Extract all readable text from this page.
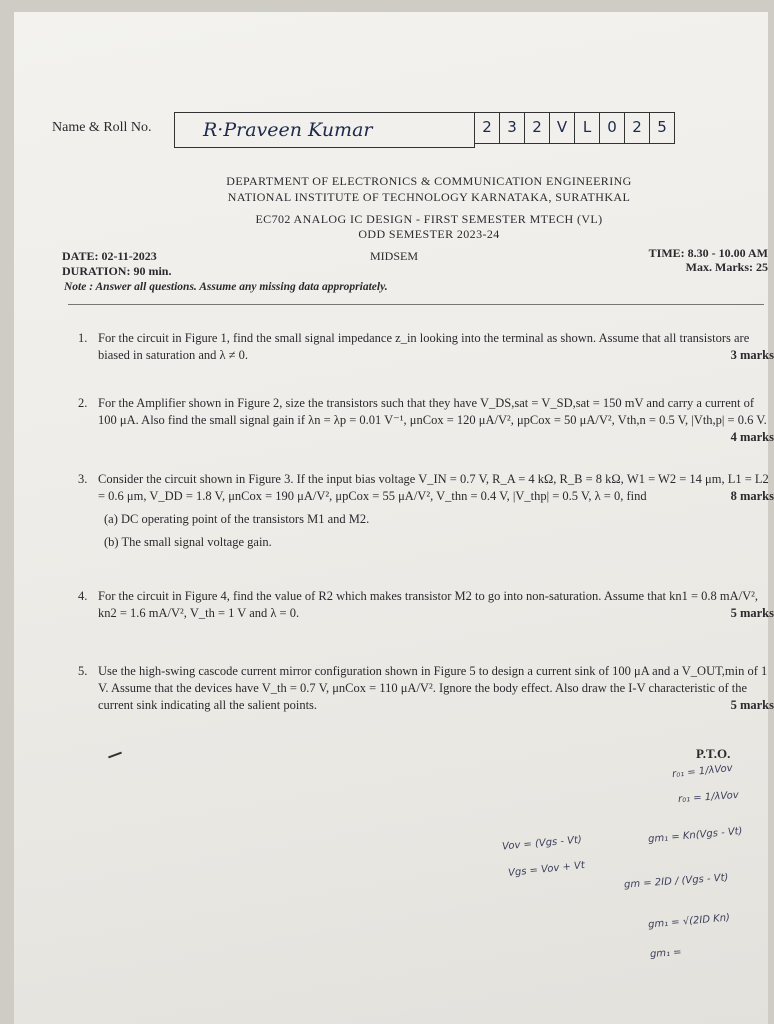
Name & Roll No.	R·Praveen Kumar	2	3	2	V	L	0	2	5
DEPARTMENT OF ELECTRONICS & COMMUNICATION ENGINEERING
NATIONAL INSTITUTE OF TECHNOLOGY KARNATAKA, SURATHKAL
EC702 ANALOG IC DESIGN - FIRST SEMESTER MTECH (VL)
ODD SEMESTER 2023-24
DATE: 02-11-2023
DURATION: 90 min.
MIDSEM	TIME: 8.30 - 10.00 AM
Max. Marks: 25
Note : Answer all questions. Assume any missing data appropriately.
1. For the circuit in Figure 1, find the small signal impedance z_in looking into the terminal as shown. Assume that all transistors are biased in saturation and λ ≠ 0.	3 marks
2. For the Amplifier shown in Figure 2, size the transistors such that they have V_DS,sat = V_SD,sat = 150 mV and carry a current of 100 μA. Also find the small signal gain if λn = λp = 0.01 V⁻¹, μnCox = 120 μA/V², μpCox = 50 μA/V², Vth,n = 0.5 V, |Vth,p| = 0.6 V.
4 marks
3. Consider the circuit shown in Figure 3. If the input bias voltage V_IN = 0.7 V, R_A = 4 kΩ, R_B = 8 kΩ, W1 = W2 = 14 μm, L1 = L2 = 0.6 μm, V_DD = 1.8 V, μnCox = 190 μA/V², μpCox = 55 μA/V², V_thn = 0.4 V, |V_thp| = 0.5 V, λ = 0, find	8 marks
(a) DC operating point of the transistors M1 and M2.
(b) The small signal voltage gain.
4. For the circuit in Figure 4, find the value of R2 which makes transistor M2 to go into non-saturation. Assume that kn1 = 0.8 mA/V², kn2 = 1.6 mA/V², V_th = 1 V and λ = 0.	5 marks
5. Use the high-swing cascode current mirror configuration shown in Figure 5 to design a current sink of 100 μA and a V_OUT,min of 1 V. Assume that the devices have V_th = 0.7 V, μnCox = 110 μA/V². Ignore the body effect. Also draw the I-V characteristic of the current sink indicating all the salient points.	5 marks
P.T.O.
r₀₁ = 1/λVov
r₀₁ = 1/λVov
Vov = (Vgs - Vt)
Vgs = Vov + Vt
gm₁ = Kn(Vgs - Vt)
gm = 2ID / (Vgs - Vt)
gm₁ = √(2ID Kn)
gm₁ =
